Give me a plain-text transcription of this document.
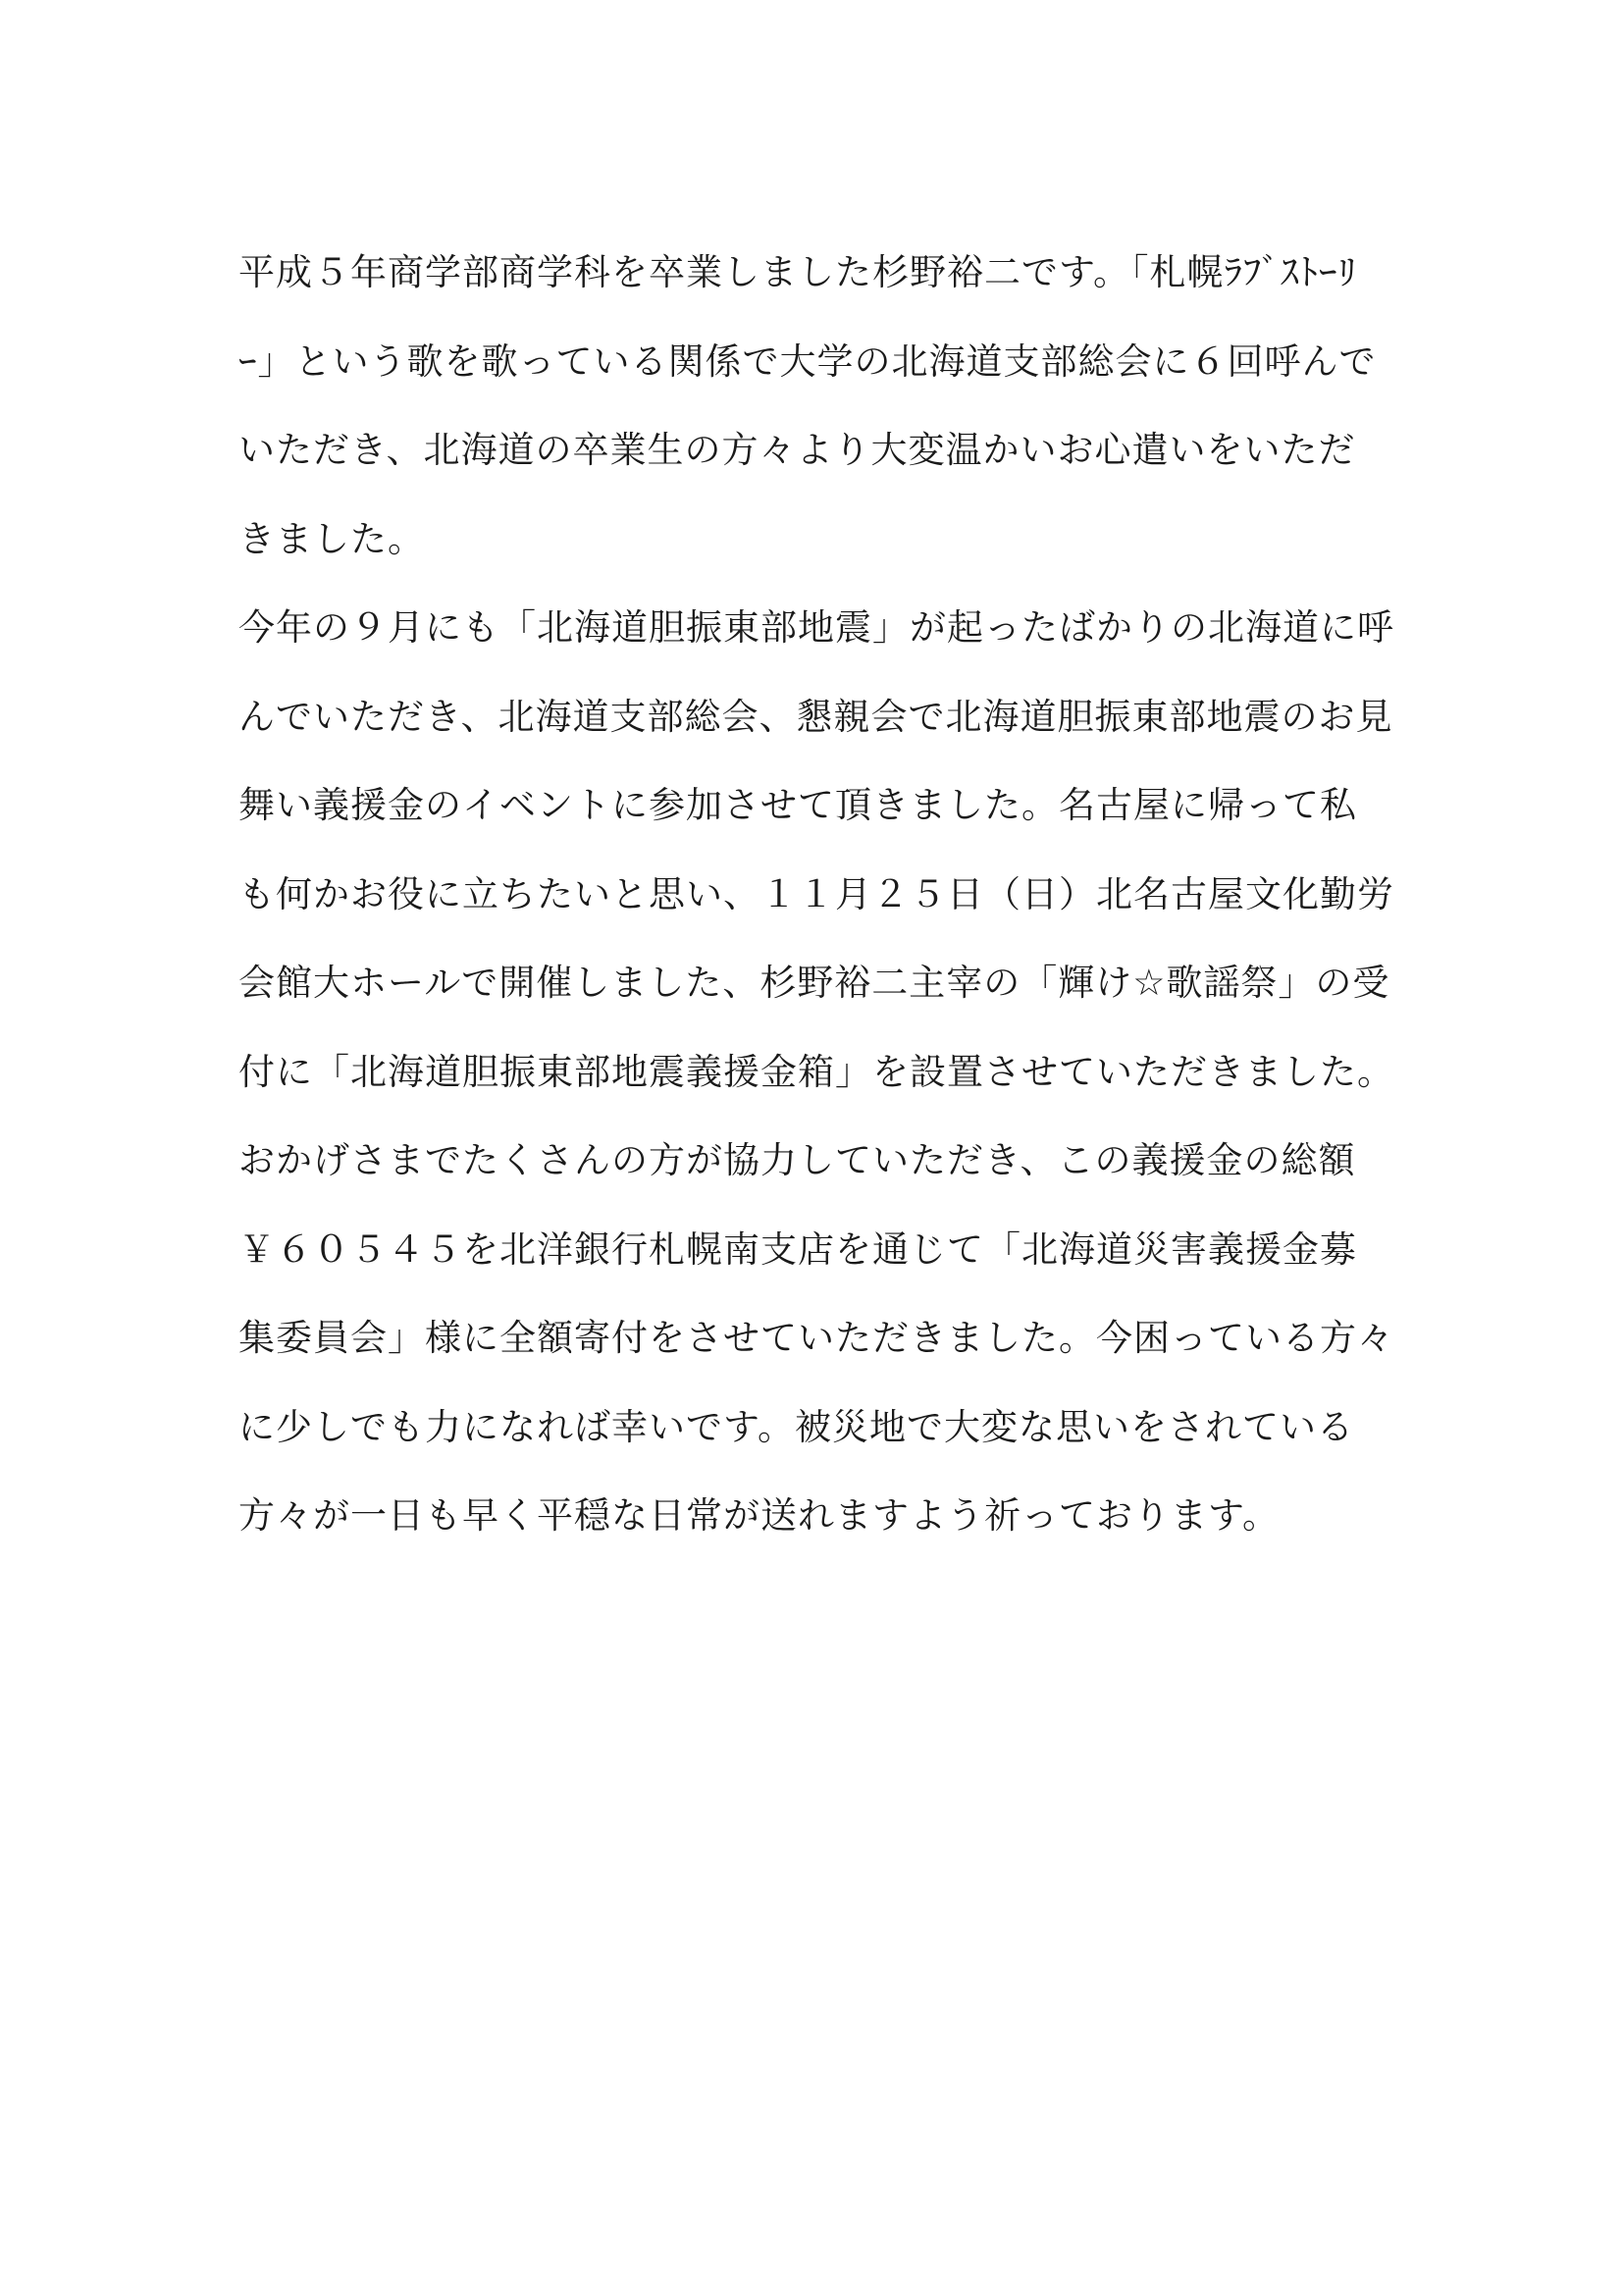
平成５年商学部商学科を卒業しました杉野裕二です。「札幌ﾗﾌﾞｽﾄｰﾘ
ｰ」という歌を歌っている関係で大学の北海道支部総会に６回呼んで
いただき、北海道の卒業生の方々より大変温かいお心遣いをいただ
きました。
今年の９月にも「北海道胆振東部地震」が起ったばかりの北海道に呼
んでいただき、北海道支部総会、懇親会で北海道胆振東部地震のお見
舞い義援金のイベントに参加させて頂きました。名古屋に帰って私
も何かお役に立ちたいと思い、１１月２５日（日）北名古屋文化勤労
会館大ホールで開催しました、杉野裕二主宰の「輝け☆歌謡祭」の受
付に「北海道胆振東部地震義援金箱」を設置させていただきました。
おかげさまでたくさんの方が協力していただき、この義援金の総額
￥６０５４５を北洋銀行札幌南支店を通じて「北海道災害義援金募
集委員会」様に全額寄付をさせていただきました。今困っている方々
に少しでも力になれば幸いです。被災地で大変な思いをされている
方々が一日も早く平穏な日常が送れますよう祈っております。
